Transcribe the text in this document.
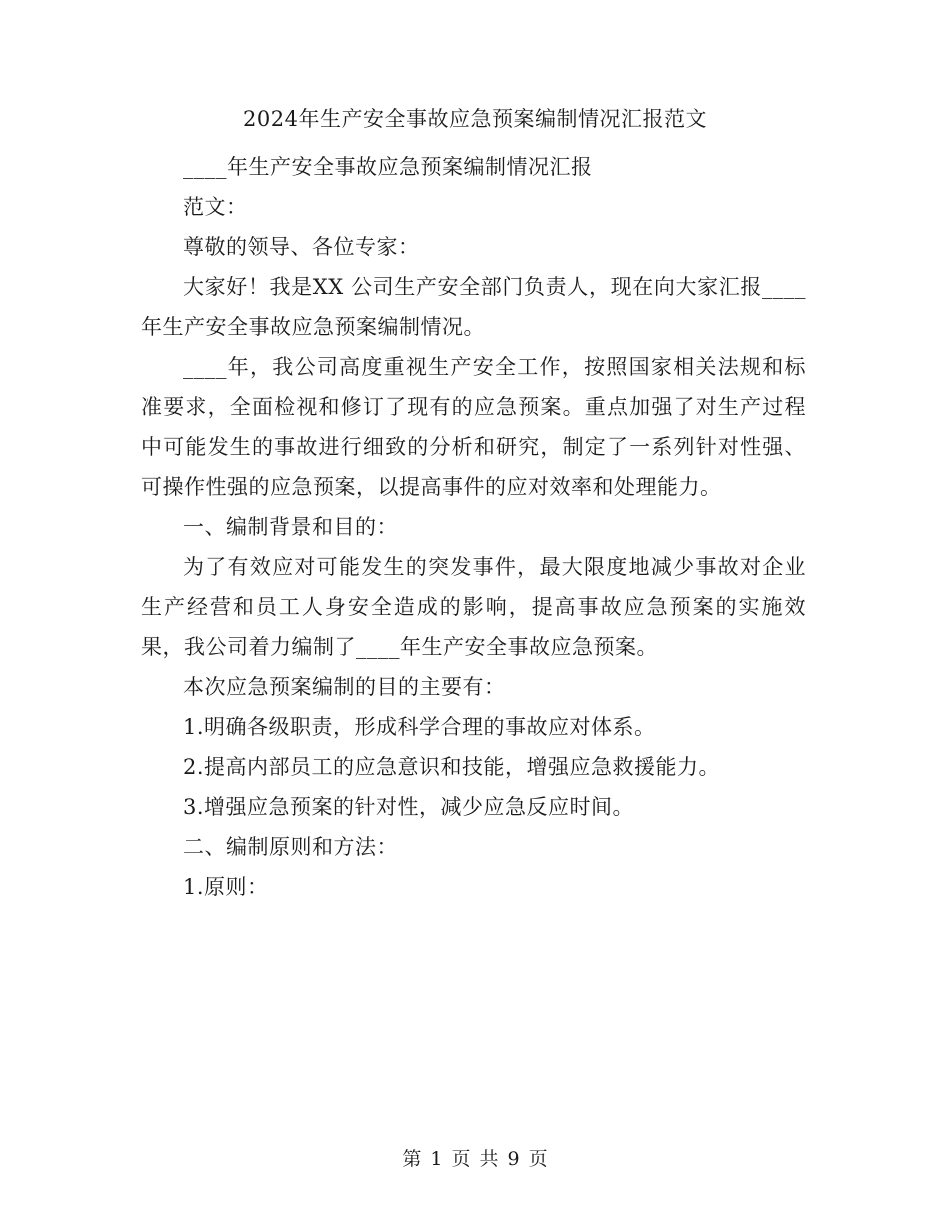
2024年生产安全事故应急预案编制情况汇报范文

____年生产安全事故应急预案编制情况汇报

范文：

尊敬的领导、各位专家：

大家好！我是XX 公司生产安全部门负责人，现在向大家汇报____年生产安全事故应急预案编制情况。

____年，我公司高度重视生产安全工作，按照国家相关法规和标准要求，全面检视和修订了现有的应急预案。重点加强了对生产过程中可能发生的事故进行细致的分析和研究，制定了一系列针对性强、可操作性强的应急预案，以提高事件的应对效率和处理能力。

一、编制背景和目的：

为了有效应对可能发生的突发事件，最大限度地减少事故对企业生产经营和员工人身安全造成的影响，提高事故应急预案的实施效果，我公司着力编制了____年生产安全事故应急预案。

本次应急预案编制的目的主要有：

1.明确各级职责，形成科学合理的事故应对体系。

2.提高内部员工的应急意识和技能，增强应急救援能力。

3.增强应急预案的针对性，减少应急反应时间。

二、编制原则和方法：

1.原则：

第 1 页 共 9 页
